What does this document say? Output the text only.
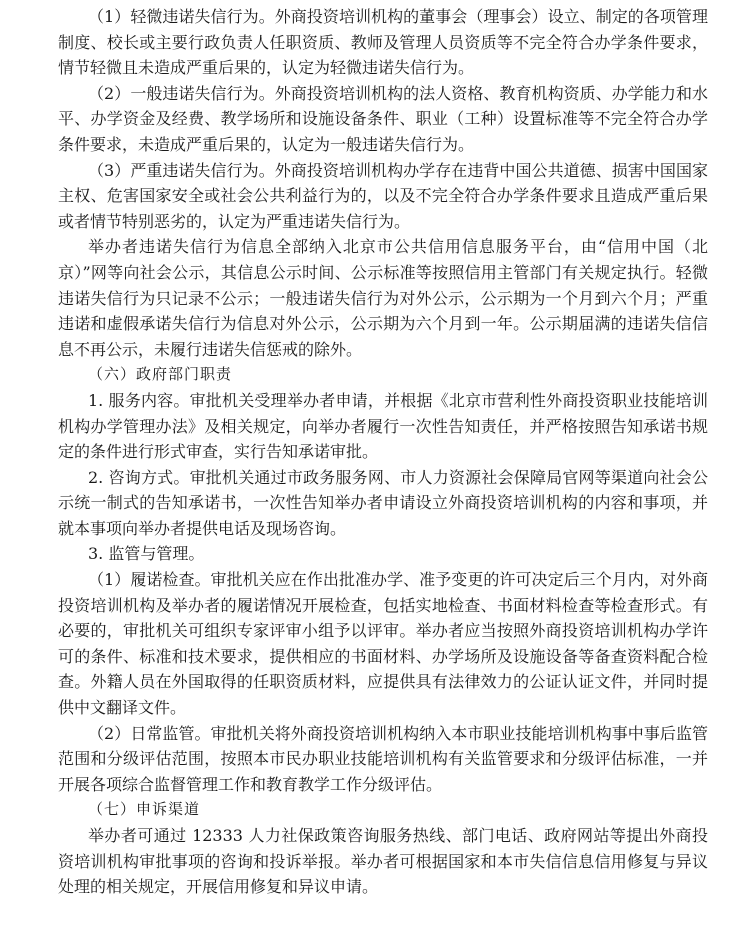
（1）轻微违诺失信行为。外商投资培训机构的董事会（理事会）设立、制定的各项管理制度、校长或主要行政负责人任职资质、教师及管理人员资质等不完全符合办学条件要求，情节轻微且未造成严重后果的，认定为轻微违诺失信行为。

（2）一般违诺失信行为。外商投资培训机构的法人资格、教育机构资质、办学能力和水平、办学资金及经费、教学场所和设施设备条件、职业（工种）设置标准等不完全符合办学条件要求，未造成严重后果的，认定为一般违诺失信行为。

（3）严重违诺失信行为。外商投资培训机构办学存在违背中国公共道德、损害中国国家主权、危害国家安全或社会公共利益行为的，以及不完全符合办学条件要求且造成严重后果或者情节特别恶劣的，认定为严重违诺失信行为。

举办者违诺失信行为信息全部纳入北京市公共信用信息服务平台，由“信用中国（北京）”网等向社会公示，其信息公示时间、公示标准等按照信用主管部门有关规定执行。轻微违诺失信行为只记录不公示；一般违诺失信行为对外公示，公示期为一个月到六个月；严重违诺和虚假承诺失信行为信息对外公示，公示期为六个月到一年。公示期届满的违诺失信信息不再公示，未履行违诺失信惩戒的除外。

（六）政府部门职责

1. 服务内容。审批机关受理举办者申请，并根据《北京市营利性外商投资职业技能培训机构办学管理办法》及相关规定，向举办者履行一次性告知责任，并严格按照告知承诺书规定的条件进行形式审查，实行告知承诺审批。

2. 咨询方式。审批机关通过市政务服务网、市人力资源社会保障局官网等渠道向社会公示统一制式的告知承诺书，一次性告知举办者申请设立外商投资培训机构的内容和事项，并就本事项向举办者提供电话及现场咨询。

3. 监管与管理。

（1）履诺检查。审批机关应在作出批准办学、准予变更的许可决定后三个月内，对外商投资培训机构及举办者的履诺情况开展检查，包括实地检查、书面材料检查等检查形式。有必要的，审批机关可组织专家评审小组予以评审。举办者应当按照外商投资培训机构办学许可的条件、标准和技术要求，提供相应的书面材料、办学场所及设施设备等备查资料配合检查。外籍人员在外国取得的任职资质材料，应提供具有法律效力的公证认证文件，并同时提供中文翻译文件。

（2）日常监管。审批机关将外商投资培训机构纳入本市职业技能培训机构事中事后监管范围和分级评估范围，按照本市民办职业技能培训机构有关监管要求和分级评估标准，一并开展各项综合监督管理工作和教育教学工作分级评估。

（七）申诉渠道

举办者可通过 12333 人力社保政策咨询服务热线、部门电话、政府网站等提出外商投资培训机构审批事项的咨询和投诉举报。举办者可根据国家和本市失信信息信用修复与异议处理的相关规定，开展信用修复和异议申请。
